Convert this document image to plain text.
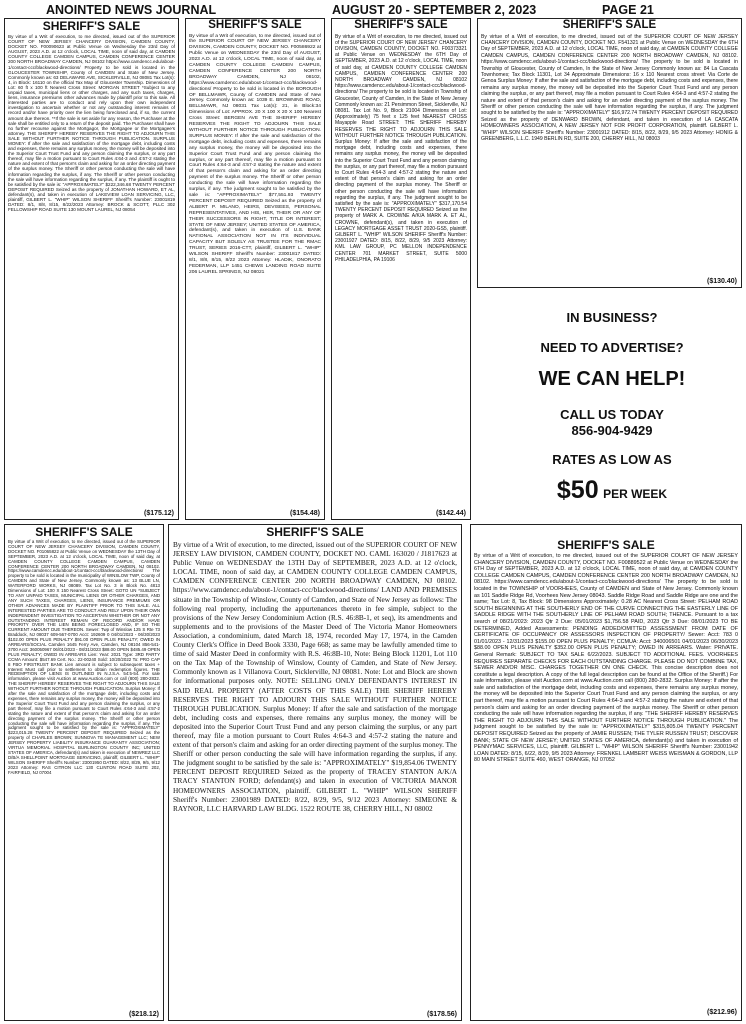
ANOINTED NEWS JOURNAL	AUGUST 20 - SEPTEMBER 2, 2023	PAGE 21
SHERIFF'S SALE
By virtue of a Writ of execution, to me directed, issued out of the SUPERIOR COURT OF NEW JERSEY CHANCERY DIVISION, CAMDEN COUNTY, DOCKET NO. F00090623 at Public Venue on Wednesday the 23rd Day of AUGUST, 2023 A.D. at 12 o'clock, LOCAL TIME, noon of said day, at CAMDEN COUNTY COLLEGE CAMDEN CAMPUS, CAMDEN CONFERENCE CENTER 200 NORTH BROADWAY CAMDEN, NJ 08102 https://www.camdencc.edu/about-1/contact-ccc/blackwood-directions/ Property to be sold is located in the GLOUCESTER TOWNSHIP, County of CAMDEN and State of New Jersey. Commonly known as: 63 DELAWARE AVE, SICKLERVILLE, NJ 08081 Tax Lot(s): 4, in Block: 16110 on the official Tax Map of Gloucester Township. Dimensions of Lot: 60 ft x 100 ft Nearest Cross Street: MORGAN STREET *Subject to any unpaid taxes, municipal liens or other charges, and any such taxes, charges, liens, insurance premiums other advances made by plaintiff prior to this sale. All interested parties are to conduct and rely upon their own independent investigation to ascertain whether or not any outstanding interest remains of record and/or have priority over the lien being foreclosed and, if so, the current amount due thereon. **If the sale is set aside for any reason, the Purchaser at the sale shall be entitled only to a return of the deposit paid. The Purchaser shall have no further recourse against the Mortgagor, the Mortgagee or the Mortgagee's attorney. THE SHERIFF HEREBY RESERVES THE RIGHT TO ADJOURN THIS SALE WITHOUT FURTHER NOTICE THROUGH PUBLICATION. SURPLUS MONEY: If after the sale and satisfaction of the mortgage debt, including costs and expenses, there remains any surplus money, the money will be deposited into the Superior Court Trust Fund and any person claiming the surplus, or any part thereof, may file a motion pursuant to Court Rules 4:64-3 and 4:57-2 stating the nature and extent of that person's claim and asking for an order directing payment of the surplus money. The Sheriff or other person conducting the sale will have information regarding the surplus, if any. The Sheriff or other person conducting the sale will have information regarding the surplus, if any. The plaintiff is ought to be satisfied by the sale is: "APPROXIMATELY" $222,346.68 TWENTY PERCENT DEPOSIT REQUIRED Seized as the property of JONATHAN HOWARD, ET AL, defendant(s), and taken in execution of LAKEVIEW LOAN SERVICING, LLC, plaintiff, GILBERT L. "WHIP" WILSON SHERIFF Sheriff's Number: 23001819 DATED: 8/1, 8/8, 8/15, 8/22/2023 Attorney: BROCK & SCOTT, PLLC 302 FELLOWSHIP ROAD SUITE 130 MOUNT LAUREL, NJ 08054
($175.12)
SHERIFF'S SALE
By virtue of a Writ of execution, to me directed, issued out of the SUPERIOR COURT OF NEW JERSEY CHANCERY DIVISION, CAMDEN COUNTY, DOCKET NO. F00586922 at Public Venue on WEDNESDAY the 23rd Day of AUGUST, 2023 A.D. at 12 o'clock, LOCAL TIME, noon of said day, at CAMDEN COUNTY COLLEGE CAMDEN CAMPUS, CAMDEN CONFERENCE CENTER 200 NORTH BROADWAY CAMDEN, NJ 08102, https://www.camdencc.edu/about-1/contact-ccc/blackwood-directions/ Property to be sold is located in the BOROUGH OF BELLMAWR, County of CAMDEN and State of New Jersey. Commonly known as: 1039 E. BROWNING ROAD, BELLMAWR, NJ 08031 Tax Lot(s): 21, in Block:34 Dimensions of Lot: APPROX. 20 X 100 X 20 X 100 Nearest Cross Street: BERGEN AVE THE SHERIFF HEREBY RESERVES THE RIGHT TO ADJOURN THIS SALE WITHOUT FURTHER NOTICE THROUGH PUBLICATION. SURPLUS MONEY: If after the sale and satisfaction of the mortgage debt, including costs and expenses, there remains any surplus money, the money will be deposited into the Superior Court Trust Fund and any person claiming the surplus, or any part thereof, may file a motion pursuant to Court Rules 4:64-3 and 4:57-2 stating the nature and extent of that person's claim and asking for an order directing payment of the surplus money. The Sheriff or other person conducting the sale will have information regarding the surplus, if any. The judgment sought to be satisfied by the sale is: "APPROXIMATELY" $77,551.93 TWENTY PERCENT DEPOSIT REQUIRED Seized as the property of ALBERT P. MILANO, HEIRS, DEVISEES, PERSONAL REPRESENTATIVES, AND HIS, HER, THEIR OR ANY OF THEIR SUCCESSORS IN RIGHT, TITLE OR INTEREST; STATE OF NEW JERSEY; UNITED STATES OF AMERICA, defendant(s), and taken in execution of U.S. BANK NATIONAL ASSOCIATION NOT IN ITS INDIVIDUAL CAPACITY BUT SOLELY AS TRUSTEE FOR THE RMAC TRUST, SERIES 2016-CTT, plaintiff, GILBERT L. "WHIP" WILSON SHERIFF Sheriff's Number: 23001817 DATED: 8/1, 8/8, 8/15, 8/22 2023 Attorney: HLADIK, ONORATO FEDERMAN, LLP 1451 CHEWS LANDING ROAD SUITE 206 LAUREL SPRINGS, NJ 08021
($154.48)
SHERIFF'S SALE
By virtue of a Writ of execution, to me directed, issued out of the SUPERIOR COURT OF NEW JERSEY CHANCERY DIVISION, CAMDEN COUNTY, DOCKET NO. F00373321 at Public Venue on WEDNESDAY the 6TH Day of SEPTEMBER, 2023 A.D. at 12 o'clock, LOCAL TIME, noon of said day, at CAMDEN COUNTY COLLEGE CAMDEN CAMPUS, CAMDEN CONFERENCE CENTER 200 NORTH BROADWAY CAMDEN, NJ 08102 https://www.camdencc.edu/about-1/contact-ccc/blackwood-directions/ The property to be sold is located in Township of Gloucester, County of Camden, in the State of New Jersey Commonly known as: 21 Persimmon Street, Sicklerville, NJ 08081. Tax Lot No. 9, Block 21004 Dimensions of Lot: (Approximately) 75 feet x 125 feet NEAREST CROSS Mayapple Road STREET: THE SHERIFF HEREBY RESERVES THE RIGHT TO ADJOURN THIS SALE WITHOUT FURTHER NOTICE THROUGH PUBLICATION. Surplus Money: If after the sale and satisfaction of the mortgage debt, including costs and expenses, there remains any surplus money, the money will be deposited into the Superior Court Trust Fund and any person claiming the surplus, or any part thereof, may file a motion pursuant to Court Rules 4:64-3 and 4:57-2 stating the nature and extent of that person's claim and asking for an order directing payment of the surplus money. The Sheriff or other person conducting the sale will have information regarding the surplus, if any. The judgment sought to be satisfied by the sale is: "APPROXIMATELY" $317,170.54 TWENTY PERCENT DEPOSIT REQUIRED Seized as the property of MARK A. CROWNE A/K/A MARK A. ET AL, CROWNE, defendant(s), and taken in execution of LEGACY MORTGAGE ASSET TRUST 2020-GS5, plaintiff. GILBERT L. "WHIP" WILSON SHERIFF Sheriff's Number: 23001927 DATED: 8/15, 8/22, 8/29, 9/5 2023 Attorney: KML LAW GROUP, PC MELLON INDEPENDENCE CENTER 701 MARKET STREET, SUITE 5000 PHILADELPHIA, PA 19106
($142.44)
SHERIFF'S SALE
By virtue of a Writ of execution, to me directed, issued out of the SUPERIOR COURT OF NEW JERSEY CHANCERY DIVISION, CAMDEN COUNTY, DOCKET NO. F541321 at Public Venue on WEDNESDAY the 6TH Day of SEPTEMBER, 2023 A.D. at 12 o'clock, LOCAL TIME, noon of said day, at CAMDEN COUNTY COLLEGE CAMDEN CAMPUS, CAMDEN CONFERENCE CENTER 200 NORTH BROADWAY CAMDEN, NJ 08102. https://www.camdencc.edu/about-1/contact-ccc/blackwood-directions/ The property to be sold is located in Township of Gloucester, County of Camden, In the State of New Jersey Commonly known as: 84 La Cascata Townhomes; Tax Block 11301, Lot 34 Approximate Dimensions: 16 x 110 Nearest cross street: Via Corte de Genoa Surplus Money: If after the sale and satisfaction of the mortgage debt, including costs and expenses, there remains any surplus money, the money will be deposited into the Superior Court Trust Fund and any person claiming the surplus, or any part thereof, may file a motion pursuant to Court Rules 4:64-3 and 4:57-2 stating the nature and extent of that person's claim and asking for an order directing payment of the surplus money. The Sheriff or other person conducting the sale will have information regarding the surplus, if any. The judgment sought to be satisfied by the sale is: "APPROXIMATELY" $16,972.74 TWENTY PERCENT DEPOSIT REQUIRED Seized as the property of DENWARD BROWN, defendant, and taken in execution of LA CASCATA HOMEOWNERS ASSOCIATION, A NEW JERSEY NOT FOR PROFIT CORPORATION, plaintiff. GILBERT L. "WHIP" WILSON SHERIFF Sheriff's Number: 23001912 DATED: 8/15, 8/22, 8/29, 9/5 2023 Attorney: HONIG & GREENBERG, L.L.C. 1949 BERLIN RD, SUITE 200, CHERRY HILL, NJ 08003
($130.40)
IN BUSINESS?
NEED TO ADVERTISE?
WE CAN HELP!
CALL US TODAY
856-904-9429
RATES AS LOW AS
$50 PER WEEK
SHERIFF'S SALE
By virtue of a Writ of execution, to me directed, issued out of the SUPERIOR COURT OF NEW JERSEY CHANCERY DIVISION, CAMDEN COUNTY, DOCKET NO. F01065822 at Public Venue on WEDNESDAY the 13TH Day of SEPTEMBER, 2023 A.D. at 12 o'clock, LOCAL TIME, noon of said day, at CAMDEN COUNTY COLLEGE CAMDEN CAMPUS, CAMDEN CONFERENCE CENTER 200 NORTH BROADWAY CAMDEN, NJ 08102. https://www.camdencc.edu/about-1/contact-ccc/blackwood-directions/ The property to be sold is located in the municipality of WINSLOW TWP, County of CAMDEN and State of New Jersey. Commonly known as: 13 BLUE LN, WATERFORD WORKS, NJ 08089. Tax Lot No. 3 in Block No. 4813 Dimensions of Lot: 100 X 150 Nearest Cross Street: GOTO UN *SUBJECT TO ANY UNPAID TAXES, MUNICIPAL LIENS OR OTHER CHARGES, AND ANY SUCH TAXES, CHARGES, LIENS, INSURANCE PREMIUMS OR OTHER ADVANCES MADE BY PLAINTIFF PRIOR TO THIS SALE. ALL INTERESTED PARTIES ARE TO CONDUCT AND RELY UPON THEIR OWN INDEPENDENT INVESTIGATION TO ASCERTAIN WHETHER OR NOT ANY OUTSTANDING INTEREST REMAIN OF RECORD AND/OR HAVE PRIORITY OVER THE LIEN BEING FORECLOSED AND, IF SO THE CURRENT AMOUNT DUE THEREON. Sewer: Twp of Winslow 125 S Rte 73 Braddock, NJ 08037 609-567-0700 Acct: 192609 0 04/01/2023 - 06/30/2023 $102.00 OPEN PLUS PENALTY $91.00 OPEN PLUS PENALTY; OWED IN ARREARS/SOCIAL Camden 1645 Ferry Ave, Camden, NJ 08104 856-541-3700 Acct: 360050967 06/01/2023 - 08/31/2023 $88.00 OPEN $485.49 OPEN PLUS PENALTY; OWED IN ARREARS Lien: Year: 2021 Type: 3RD PARTY CCMA Amount: $547.69 Cert. No.: 22-00240 Sold: 10/20/2022 To: PRO CAP 8 FBO FIRSTRUST BANK Lien amount is subject to subsequent taxes + Interest Must call prior to settlement to obtain redemption figures. THE REDEMPTION OF LIENS IS OUTLINED IN N.J.S.A. 54:5-54. For sale information, please visit Auction at www.Auction.com or call (800) 280-2832. THE SHERIFF HEREBY RESERVES THE RIGHT TO ADJOURN THIS SALE WITHOUT FURTHER NOTICE THROUGH PUBLICATION. Surplus Money: If after the sale and satisfaction of the mortgage debt, including costs and expenses, there remains any surplus money, the money will be deposited into the Superior Court Trust Fund and any person claiming the surplus, or any part thereof, may file a motion pursuant to Court Rules 4:64-3 and 4:57-2 stating the nature and extent of that person's claim and asking for an order directing payment of the surplus money. The Sheriff or other person conducting the sale will have information regarding the surplus, if any. The judgment sought to be satisfied by the sale is: "APPROXIMATELY" $223,015.28 TWENTY PERCENT DEPOSIT REQUIRED Seized as the property of CHARLES BROWN; SUNNOVA TE MANAGEMENT LLC; NEW JERSEY PROPERTY LIABILITY INSURANCE GUARANTY ASSOCIATION; VIRTUA MEMORIAL HOSPITAL BURLINGTON COUNTY INC; UNITED STATES OF AMERICA, defendant(s) and taken in execution of NEWREZ LLC D/B/A SHELLPOINT MORTGAGE SERVICING, plaintiff, GILBERT L. "WHIP" WILSON SHERIFF Sheriff's Number: 23001950 DATED: 8/22, 8/29, 9/5, 9/12 2023 Attorney: RAS CITRON LLC 130 CLINTON ROAD SUITE 202, FAIRFIELD, NJ 07004
($218.12)
SHERIFF'S SALE
By virtue of a Writ of execution, to me directed, issued out of the SUPERIOR COURT OF NEW JERSEY LAW DIVISION, CAMDEN COUNTY, DOCKET NO. CAML 163020 / J1817623 at Public Venue on WEDNESDAY the 13TH Day of SEPTEMBER, 2023 A.D. at 12 o'clock, LOCAL TIME, noon of said day, at CAMDEN COUNTY COLLEGE CAMDEN CAMPUS, CAMDEN CONFERENCE CENTER 200 NORTH BROADWAY CAMDEN, NJ 08102. https://www.camdencc.edu/about-1/contact-ccc/blackwood-directions/ LAND AND PREMISES situate in the Township of Winslow, County of Camden, and State of New Jersey as follows: The following real property, including the appurtenances thereto in fee simple, subject to the provisions of the New Jersey Condominium Action (R.S. 46:8B-1, et seq), its amendments and supplements and to the provisions of the Master Deed of The Victoria Manor Homeowners Association, a condominium, dated March 18, 1974, recorded May 17, 1974, in the Camden County Clerk's Office in Deed Book 3330, Page 668; as same may be lawfully amended time to time of said Master Deed in conformity with R.S. 46:8B-10, Note: Being Block 11201, Lot 110 on the Tax Map of the Township of Winslow, County of Camden, and State of New Jersey. Commonly known as 1 Villanova Court, Sicklerville, NJ 08081. Note: Lot and Block are shown for informational purposes only. NOTE: SELLING ONLY DEFENDANT'S INTEREST IN SAID REAL PROPERTY (AFTER COSTS OF THIS SALE) THE SHERIFF HEREBY RESERVES THE RIGHT TO ADJOURN THIS SALE WITHOUT FURTHER NOTICE THROUGH PUBLICATION. Surplus Money: If after the sale and satisfaction of the mortgage debt, including costs and expenses, there remains any surplus money, the money will be deposited into the Superior Court Trust Fund and any person claiming the surplus, or any part thereof, may file a motion pursuant to Court Rules 4:64-3 and 4:57-2 stating the nature and extent of that person's claim and asking for an order directing payment of the surplus money. The Sheriff or other person conducting the sale will have information regarding the surplus, if any. The judgment sought to be satisfied by the sale is: "APPROXIMATELY" $19,854.06 TWENTY PERCENT DEPOSIT REQUIRED Seized as the property of TRACEY STANTON A/K/A TRACY STANTON FORD; defendant(s) and taken in execution of VICTORIA MANOR HOMEOWNERS ASSOCIATION, plaintiff. GILBERT L. "WHIP" WILSON SHERIFF Sheriff's Number: 23001989 DATED: 8/22, 8/29, 9/5, 9/12 2023 Attorney: SIMEONE & RAYNOR, LLC HARVARD LAW BLDG. 1522 ROUTE 38, CHERRY HILL, NJ 08002
($178.56)
SHERIFF'S SALE
By virtue of a Writ of execution, to me directed, issued out of the SUPERIOR COURT OF NEW JERSEY CHANCERY DIVISION, CAMDEN COUNTY, DOCKET NO. F00889522 at Public Venue on WEDNESDAY the 6TH Day of SEPTEMBER, 2023 A.D. at 12 o'clock, LOCAL TIME, noon of said day, at CAMDEN COUNTY COLLEGE CAMDEN CAMPUS, CAMDEN CONFERENCE CENTER 200 NORTH BROADWAY CAMDEN, NJ 08102. https://www.camdencc.edu/about-1/contact-ccc/blackwood-directions/ The property to be sold is located in the TOWNSHIP of VOORHEES, County of CAMDEN and State of New Jersey. Commonly known as 101 Saddle Ridge Rd, Voorhees New Jersey 08043. Saddle Ridge Road and Saddle Ridge are one and the same; Tax Lot: 8, Tax Block: 98 Dimensions Approximately: 0.28 AC Nearest Cross Street: PELHAM ROAD SOUTH BEGINNING AT THE SOUTHERLY END OF THE CURVE CONNECTING THE EASTERLY LINE OF SADDLE RIDGE WITH THE SOUTHERLY LINE OF PELHAM ROAD SOUTH; THENCE. Pursuant to a tax search of 08/21/2023: 2023 Qtr 2 Due: 05/01/2023 $1,756.58 PAID, 2023 Qtr 3 Due: 08/01/2023 TO BE DETERMINED, Added Assessments: PENDING ADDED/OMITTED ASSESSMENT FROM DATE OF CERTIFICATE OF OCCUPANCY OR ASSESSORS INSPECTION OF PROPERTY/ Sewer: Acct: 783 0 01/01/2023 - 12/31/2023 $155.00 OPEN PLUS PENALTY; CCMUA: Acct: 340006501 04/01/2023 06/30/2023 $88.00 OPEN PLUS PENALTY $352.00 OPEN PLUS PENALTY; OWED IN ARREARS. Water: PRIVATE. General Remark: SUBJECT TO TAX SALE 6/22/2023. SUBJECT TO ADDITIONAL FEES. VOORHEES REQUIRES SEPARATE CHECKS FOR EACH OUTSTANDING CHARGE. PLEASE DO NOT COMBINE TAX, SEWER AND/OR MISC. CHARGES TOGETHER ON ONE CHECK. This concise description does not constitute a legal description. A copy of the full legal description can be found at the Office of the Sheriff.) For sale information, please visit Auction.com at www.Auction.com call (800) 280-2832. Surplus Money: If after the sale and satisfaction of the mortgage debt, including costs and expenses, there remains any surplus money, the money will be deposited into the Superior Court Trust Fund and any person claiming the surplus, or any part thereof, may file a motion pursuant to Court Rules 4:64-3 and 4:57-2 stating the nature and extent of that person's claim and asking for an order directing payment of the surplus money. The Sheriff or other person conducting the sale will have information regarding the surplus, if any. "THE SHERIFF HEREBY RESERVES THE RIGHT TO ADJOURN THIS SALE WITHOUT FURTHER NOTICE THROUGH PUBLICATION." The judgment sought to be satisfied by the sale is: "APPROXIMATELY" $315,805.04 TWENTY PERCENT DEPOSIT REQUIRED Seized as the property of JAMIE RUSSEN; THE TYLER RUSSEN TRUST; DISCOVER BANK; STATE OF NEW JERSEY; UNITED STATES OF AMERICA, defendant(s) and taken in execution of PENNYMAC SERVICES, LLC, plaintiff. GILBERT L. "WHIP" WILSON SHERIFF Sheriff's Number: 23001942 LOAN DATED: 8/15, 6/22, 8/29, 9/5 2023 Attorney: FRENKEL LAMBERT WEISS WEISMAN & GORDON, LLP 80 MAIN STREET SUITE 460, WEST ORANGE, NJ 07052
($212.96)
